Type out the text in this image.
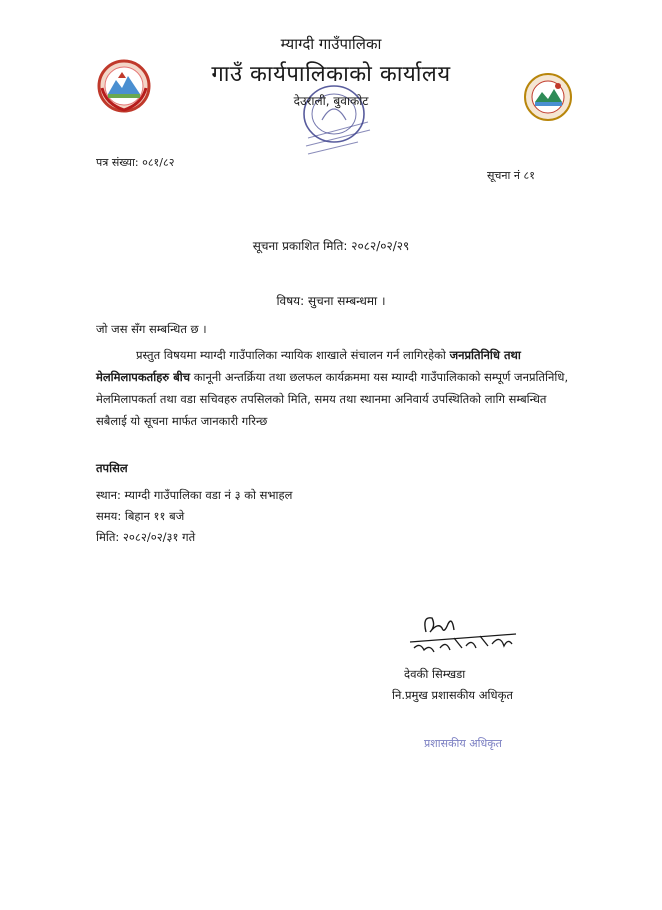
म्याग्दी गाउँपालिका
गाउँ कार्यपालिकाको कार्यालय
देउराली, बुवाकोट
पत्र संख्या: ०८१/८२
सूचना नं ८१
सूचना प्रकाशित मिति: २०८२/०२/२९
विषय: सुचना सम्बन्धमा ।
जो जस सँग सम्बन्धित छ ।

प्रस्तुत विषयमा म्याग्दी गाउँपालिका न्यायिक शाखाले संचालन गर्न लागिरहेको जनप्रतिनिधि तथा मेलमिलापकर्ताहरु बीच कानूनी अन्तर्क्रिया तथा छलफल कार्यक्रममा यस म्याग्दी गाउँपालिकाको सम्पूर्ण जनप्रतिनिधि, मेलमिलापकर्ता तथा वडा सचिवहरु तपसिलको मिति, समय तथा स्थानमा अनिवार्य उपस्थितिको लागि सम्बन्धित सबैलाई यो सूचना मार्फत जानकारी गरिन्छ

तपसिल
स्थान: म्याग्दी गाउँपालिका वडा नं ३ को सभाहल
समय: बिहान ११ बजे
मिति: २०८२/०२/३१ गते
देवकी सिम्खडा
नि.प्रमुख प्रशासकीय अधिकृत
प्रशासकीय अधिकृत
